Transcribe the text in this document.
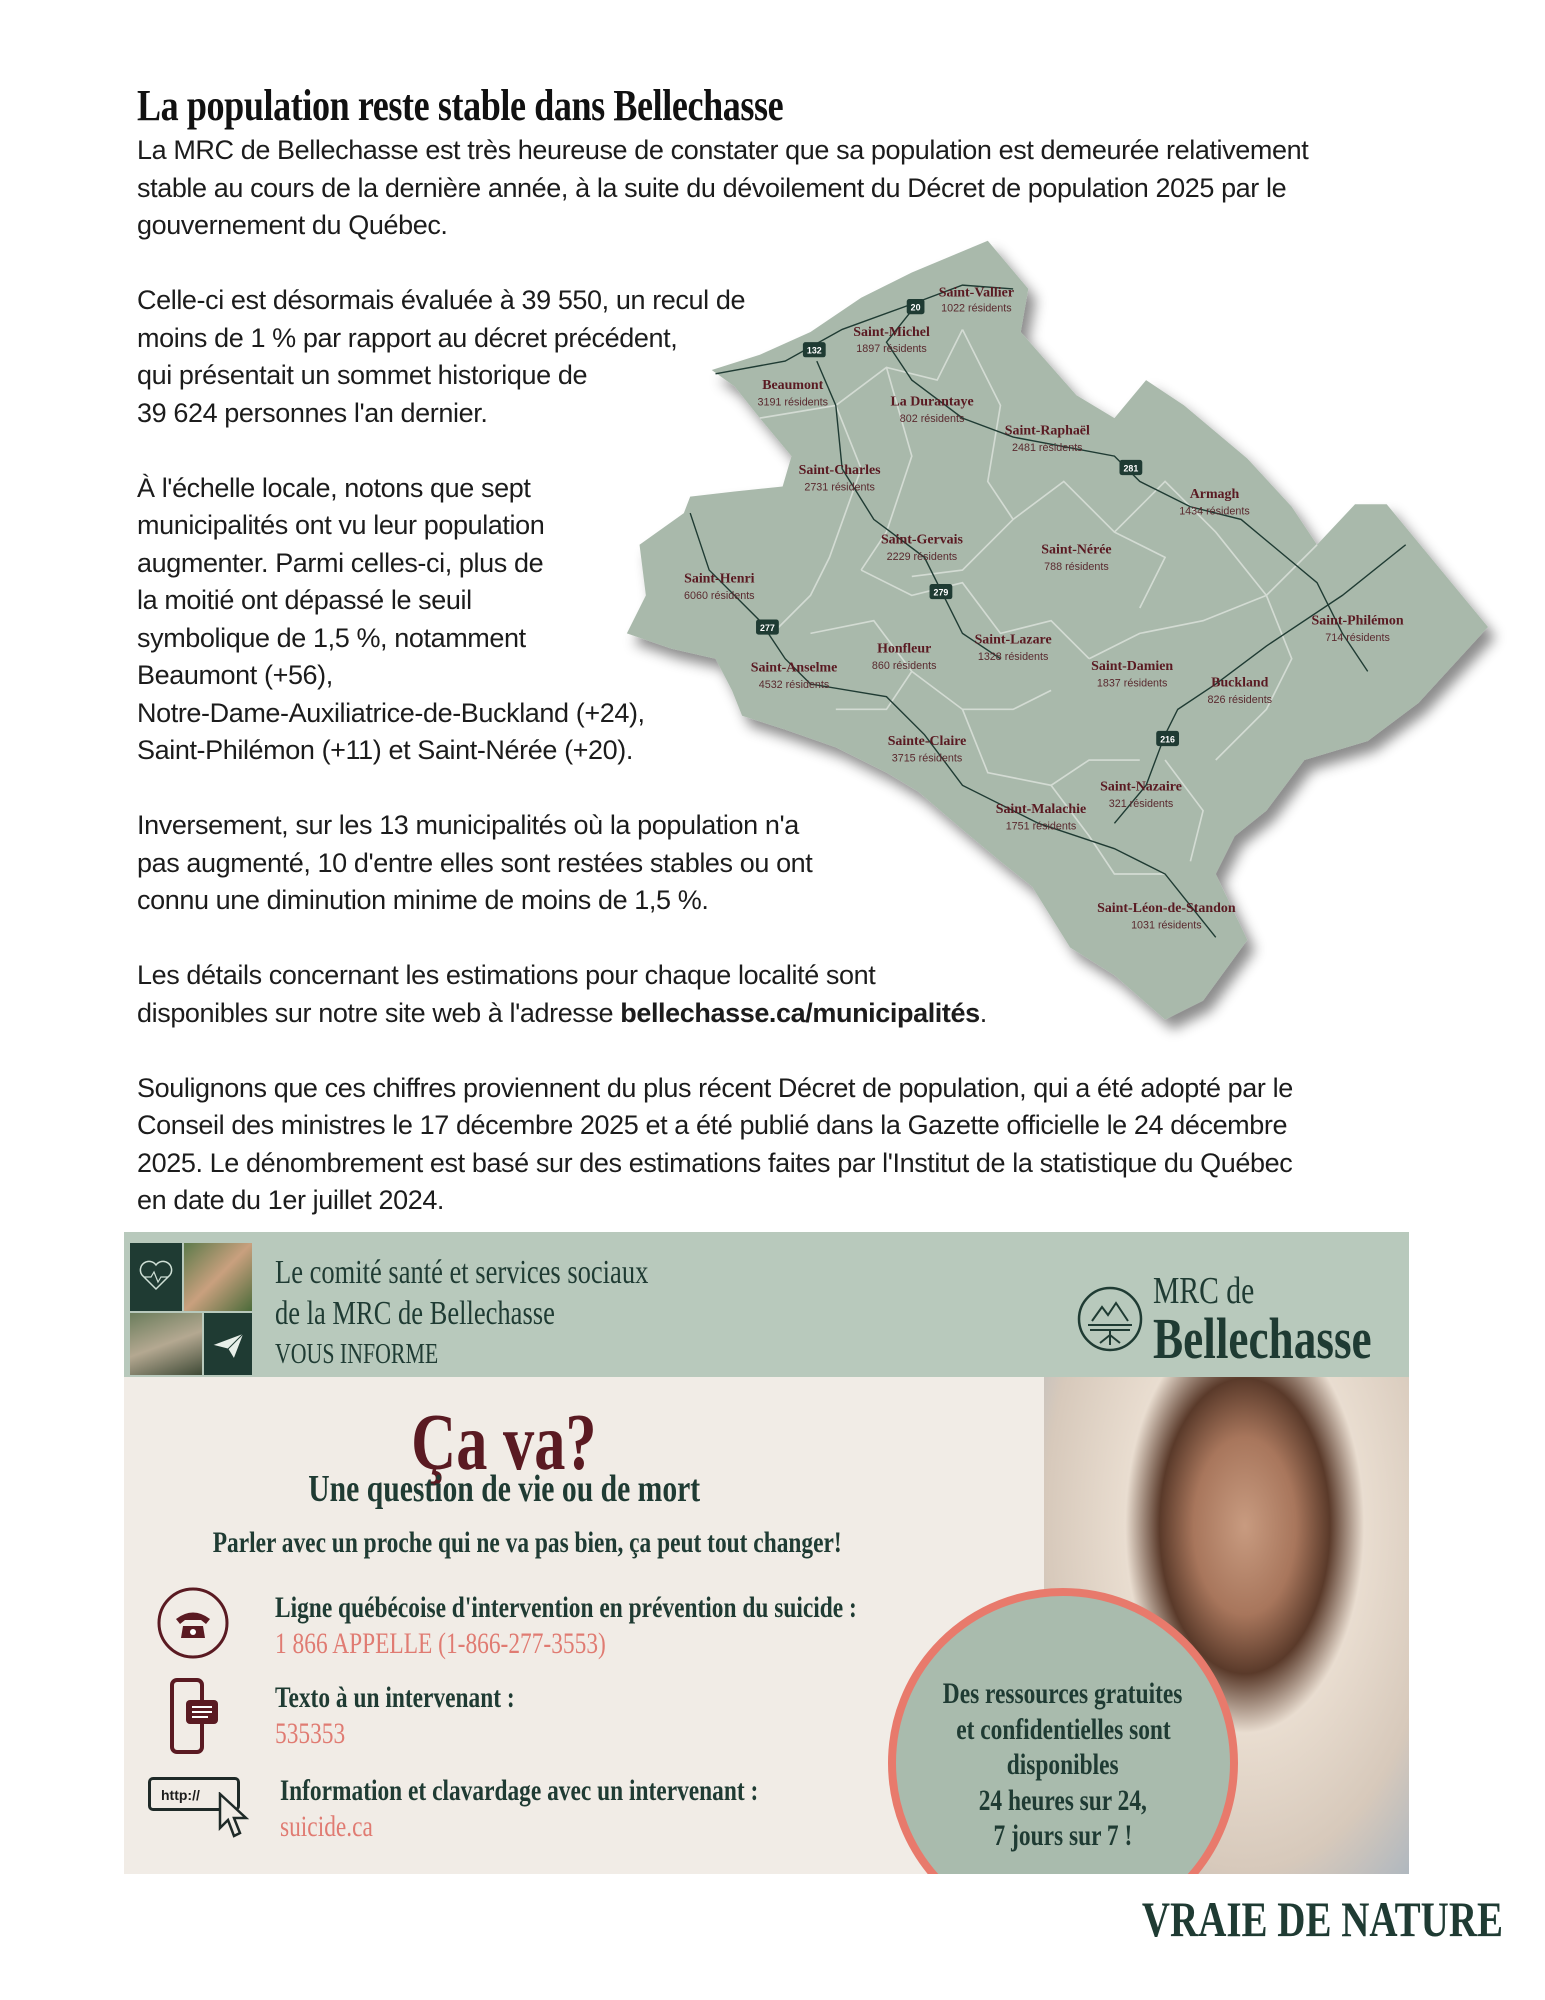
20
132
281
279
277
216
Saint-Vallier
1022 résidents
Saint-Michel
1897 résidents
Beaumont
3191 résidents	La Durantaye
802 résidents
Saint-Raphaël
2481 résidents
Saint-Charles
2731 résidents	Armagh
1434 résidents
Saint-Gervais
2229 résidents	Saint-Nérée
788 résidents
Saint-Henri
6060 résidents
Saint-Philémon
714 résidents
Honfleur
860 résidents
Saint-Lazare
1328 résidents
Saint-Anselme
4532 résidents
Saint-Damien
1837 résidents	Buckland
826 résidents
Sainte-Claire
3715 résidents
Saint-Nazaire
321 résidents
Saint-Malachie
1751 résidents
Saint-Léon-de-Standon
1031 résidents
La population reste stable dans Bellechasse
La MRC de Bellechasse est très heureuse de constater que sa population est demeurée relativement
stable au cours de la dernière année, à la suite du dévoilement du Décret de population 2025 par le
gouvernement du Québec.
Celle-ci est désormais évaluée à 39 550, un recul de
moins de 1 % par rapport au décret précédent,
qui présentait un sommet historique de
39 624 personnes l'an dernier.
À l'échelle locale, notons que sept
municipalités ont vu leur population
augmenter. Parmi celles-ci, plus de
la moitié ont dépassé le seuil
symbolique de 1,5 %, notamment
Beaumont (+56),
Notre-Dame-Auxiliatrice-de-Buckland (+24),
Saint-Philémon (+11) et Saint-Nérée (+20).
Inversement, sur les 13 municipalités où la population n'a
pas augmenté, 10 d'entre elles sont restées stables ou ont
connu une diminution minime de moins de 1,5 %.
Les détails concernant les estimations pour chaque localité sont
disponibles sur notre site web à l'adresse bellechasse.ca/municipalités.
Soulignons que ces chiffres proviennent du plus récent Décret de population, qui a été adopté par le
Conseil des ministres le 17 décembre 2025 et a été publié dans la Gazette officielle le 24 décembre
2025. Le dénombrement est basé sur des estimations faites par l'Institut de la statistique du Québec
en date du 1er juillet 2024.
Le comité santé et services sociaux
de la MRC de Bellechasse
VOUS INFORME
MRC de
Bellechasse
Ça va?
Une question de vie ou de mort
Parler avec un proche qui ne va pas bien, ça peut tout changer!
Ligne québécoise d'intervention en prévention du suicide :
1 866 APPELLE (1-866-277-3553)
Texto à un intervenant :
535353
http://	Information et clavardage avec un intervenant :
suicide.ca
Des ressources gratuites
et confidentielles sont
disponibles
24 heures sur 24,
7 jours sur 7 !
VRAIE DE NATURE
